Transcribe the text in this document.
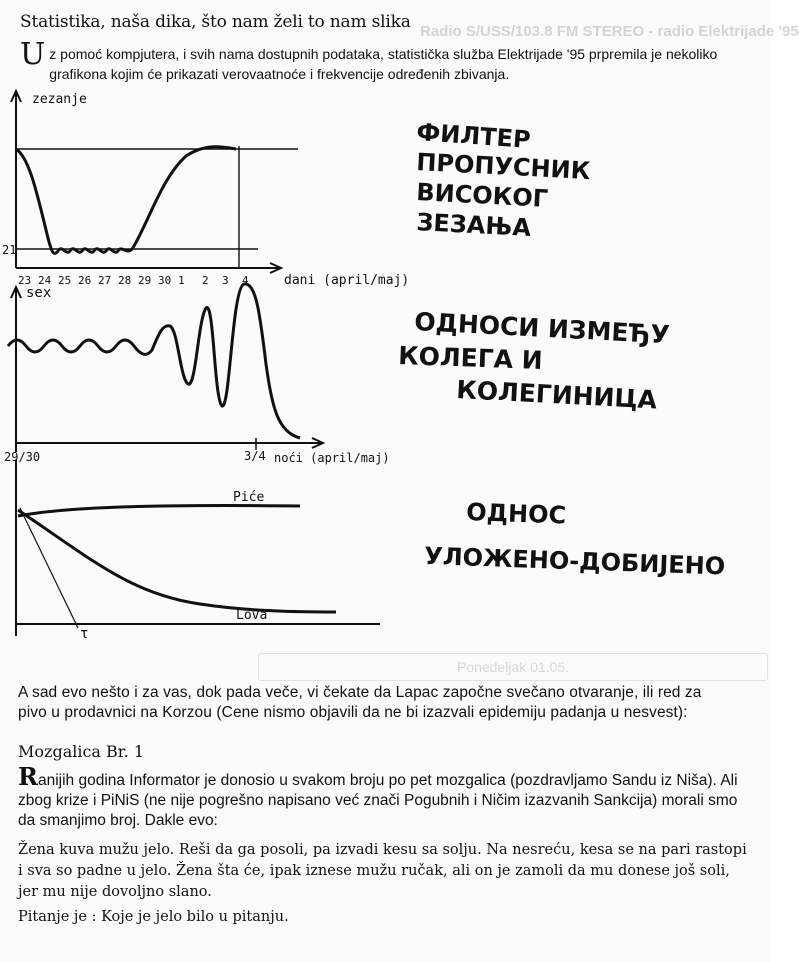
Radio S/USS/103.8 FM STEREO - radio Elektrijade '95
Ponedeljak 01.05.
Statistika, naša dika, što nam želi to nam slika
Uz pomoć kompjutera, i svih nama dostupnih podataka, statistička služba Elektrijade '95 prpremila je nekoliko grafikona kojim će prikazati verovaatnoće i frekvencije određenih zbivanja.
zezanje
21
23 24 25 26 27 28 29 30 1 2 3 4	dani (april/maj)
ФИЛТЕР
ПРОПУСНИК
ВИСОКОГ
ЗЕЗАЊА
sex
29/30	3/4 noći (april/maj)
ОДНОСИ ИЗМЕЂУ
КОЛЕГА И
КОЛЕГИНИЦА
Piće
Lova
τ
ОДНОС
УЛОЖЕНО-ДОБИЈЕНО
A sad evo nešto i za vas, dok pada veče, vi čekate da Lapac započne svečano otvaranje, ili red za pivo u prodavnici na Korzou (Cene nismo objavili da ne bi izazvali epidemiju padanja u nesvest):
Mozgalica Br. 1
Ranijih godina Informator je donosio u svakom broju po pet mozgalica (pozdravljamo Sandu iz Niša). Ali zbog krize i PiNiS (ne nije pogrešno napisano već znači Pogubnih i Ničim izazvanih Sankcija) morali smo da smanjimo broj. Dakle evo:
Žena kuva mužu jelo. Reši da ga posoli, pa izvadi kesu sa solju. Na nesreću, kesa se na pari rastopi i sva so padne u jelo. Žena šta će, ipak iznese mužu ručak, ali on je zamoli da mu donese još soli, jer mu nije dovoljno slano.
Pitanje je : Koje je jelo bilo u pitanju.
